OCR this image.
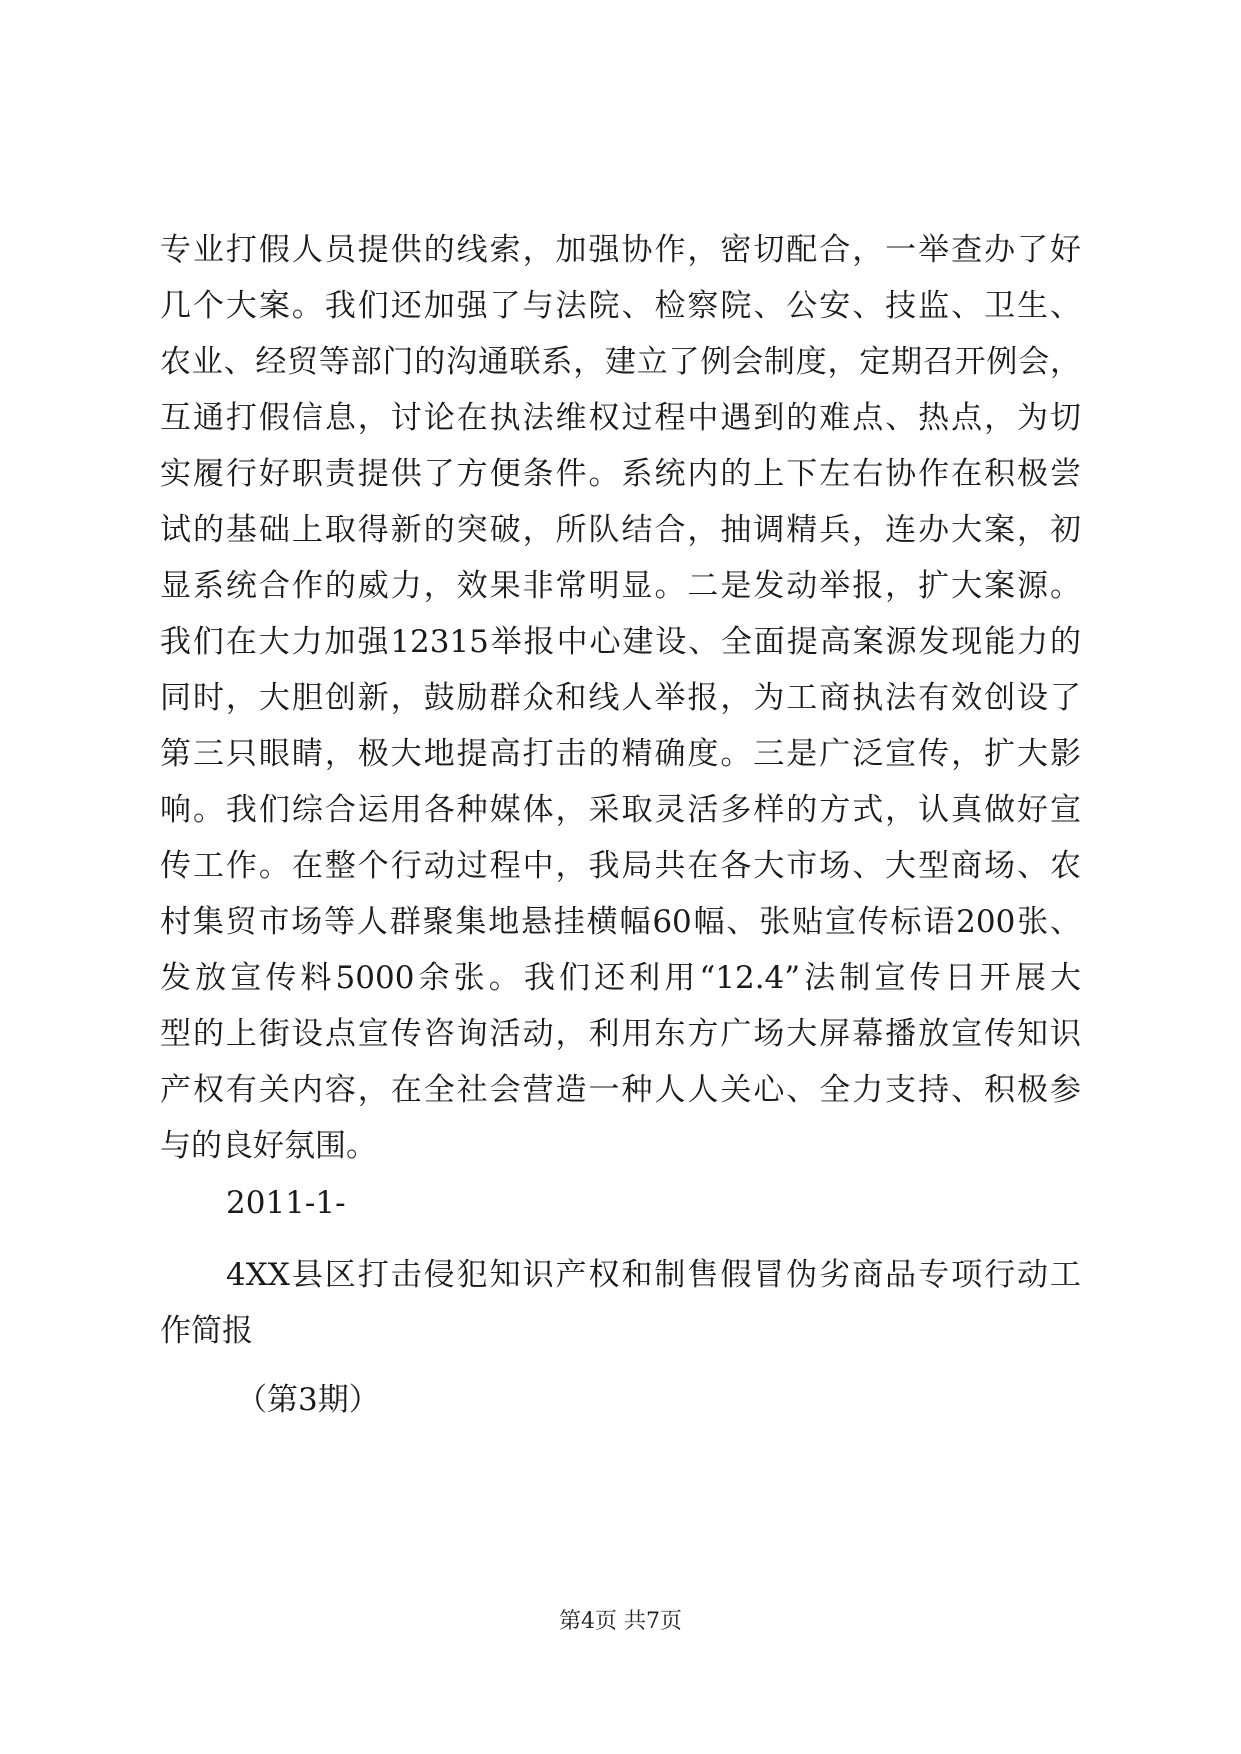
专业打假人员提供的线索，加强协作，密切配合，一举查办了好
几个大案。我们还加强了与法院、检察院、公安、技监、卫生、
农业、经贸等部门的沟通联系，建立了例会制度，定期召开例会，
互通打假信息，讨论在执法维权过程中遇到的难点、热点，为切
实履行好职责提供了方便条件。系统内的上下左右协作在积极尝
试的基础上取得新的突破，所队结合，抽调精兵，连办大案，初
显系统合作的威力，效果非常明显。二是发动举报，扩大案源。
我们在大力加强12315举报中心建设、全面提高案源发现能力的
同时，大胆创新，鼓励群众和线人举报，为工商执法有效创设了
第三只眼睛，极大地提高打击的精确度。三是广泛宣传，扩大影
响。我们综合运用各种媒体，采取灵活多样的方式，认真做好宣
传工作。在整个行动过程中，我局共在各大市场、大型商场、农
村集贸市场等人群聚集地悬挂横幅60幅、张贴宣传标语200张、
发放宣传料5000余张。我们还利用“12.4”法制宣传日开展大
型的上街设点宣传咨询活动，利用东方广场大屏幕播放宣传知识
产权有关内容，在全社会营造一种人人关心、全力支持、积极参
与的良好氛围。
2011-1-
4XX县区打击侵犯知识产权和制售假冒伪劣商品专项行动工
作简报
（第3期）
第4页 共7页
